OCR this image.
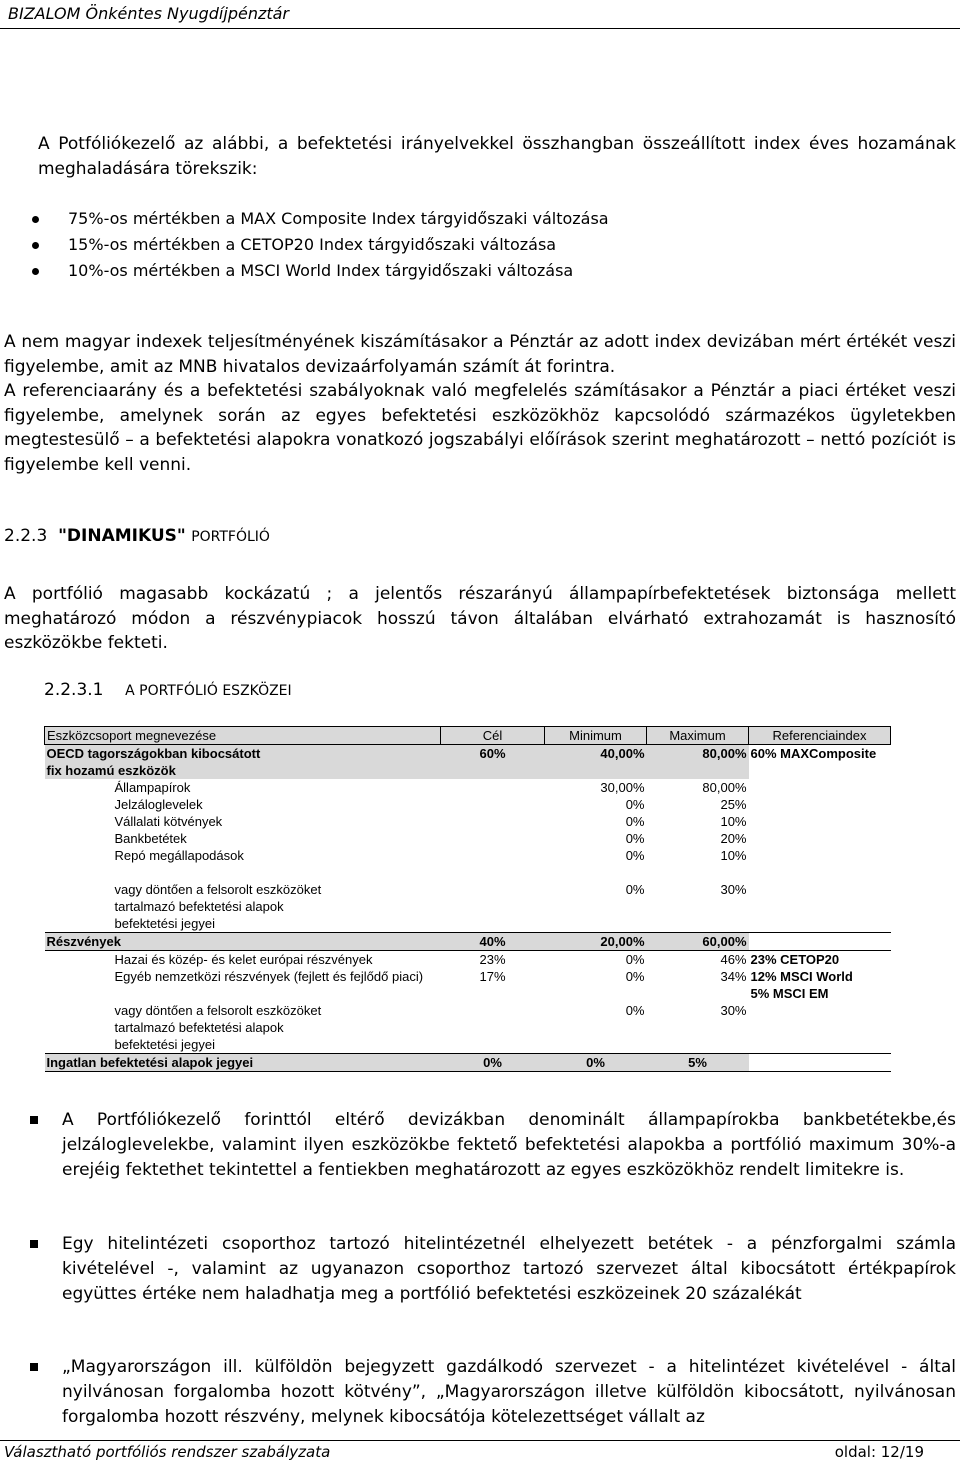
BIZALOM Önkéntes Nyugdíjpénztár
A Potfóliókezelő az alábbi, a befektetési irányelvekkel összhangban összeállított index éves hozamának meghaladására törekszik:
75%-os mértékben a MAX Composite Index tárgyidőszaki változása
15%-os mértékben a CETOP20 Index tárgyidőszaki változása
10%-os mértékben a MSCI World Index tárgyidőszaki változása
A nem magyar indexek teljesítményének kiszámításakor a Pénztár az adott index devizában mért értékét veszi figyelembe, amit az MNB hivatalos devizaárfolyamán számít át forintra.
A referenciaarány és a befektetési szabályoknak való megfelelés számításakor a Pénztár a piaci értéket veszi figyelembe, amelynek során az egyes befektetési eszközökhöz kapcsolódó származékos ügyletekben megtestesülő – a befektetési alapokra vonatkozó jogszabályi előírások szerint meghatározott – nettó pozíciót is figyelembe kell venni.
2.2.3 "DINAMIKUS" PORTFÓLIÓ
A portfólió magasabb kockázatú ; a jelentős részarányú állampapírbefektetések biztonsága mellett meghatározó módon a részvénypiacok hosszú távon általában elvárható extrahozamát is hasznosító eszközökbe fekteti.
2.2.3.1 A PORTFÓLIÓ ESZKÖZEI
Eszközcsoport megnevezése	Cél	Minimum	Maximum	Referenciaindex
OECD tagországokban kibocsátott	60%	40,00%	80,00%	60% MAXComposite
fix hozamú eszközök				
Állampapírok		30,00%	80,00%	
Jelzáloglevelek		0%	25%	
Vállalati kötvények		0%	10%	
Bankbetétek		0%	20%	
Repó megállapodások		0%	10%	

vagy döntően a felsorolt eszközöket		0%	30%	
tartalmazó befektetési alapok				
befektetési jegyei				
Részvények	40%	20,00%	60,00%	
Hazai és közép- és kelet európai részvények	23%	0%	46%	23% CETOP20
Egyéb nemzetközi részvények (fejlett és fejlődő piaci)	17%	0%	34%	12% MSCI World
				5% MSCI EM
vagy döntően a felsorolt eszközöket		0%	30%	
tartalmazó befektetési alapok				
befektetési jegyei				
Ingatlan befektetési alapok jegyei	0%	0%	5%	
A Portfóliókezelő forinttól eltérő devizákban denominált állampapírokba bankbetétekbe,és jelzáloglevelekbe, valamint ilyen eszközökbe fektető befektetési alapokba a portfólió maximum 30%-a erejéig fektethet tekintettel a fentiekben meghatározott az egyes eszközökhöz rendelt limitekre is.
Egy hitelintézeti csoporthoz tartozó hitelintézetnél elhelyezett betétek - a pénzforgalmi számla kivételével -, valamint az ugyanazon csoporthoz tartozó szervezet által kibocsátott értékpapírok együttes értéke nem haladhatja meg a portfólió befektetési eszközeinek 20 százalékát
„Magyarországon ill. külföldön bejegyzett gazdálkodó szervezet - a hitelintézet kivételével - által nyilvánosan forgalomba hozott kötvény”, „Magyarországon illetve külföldön kibocsátott, nyilvánosan forgalomba hozott részvény, melynek kibocsátója kötelezettséget vállalt az
Választható portfóliós rendszer szabályzata	oldal: 12/19
